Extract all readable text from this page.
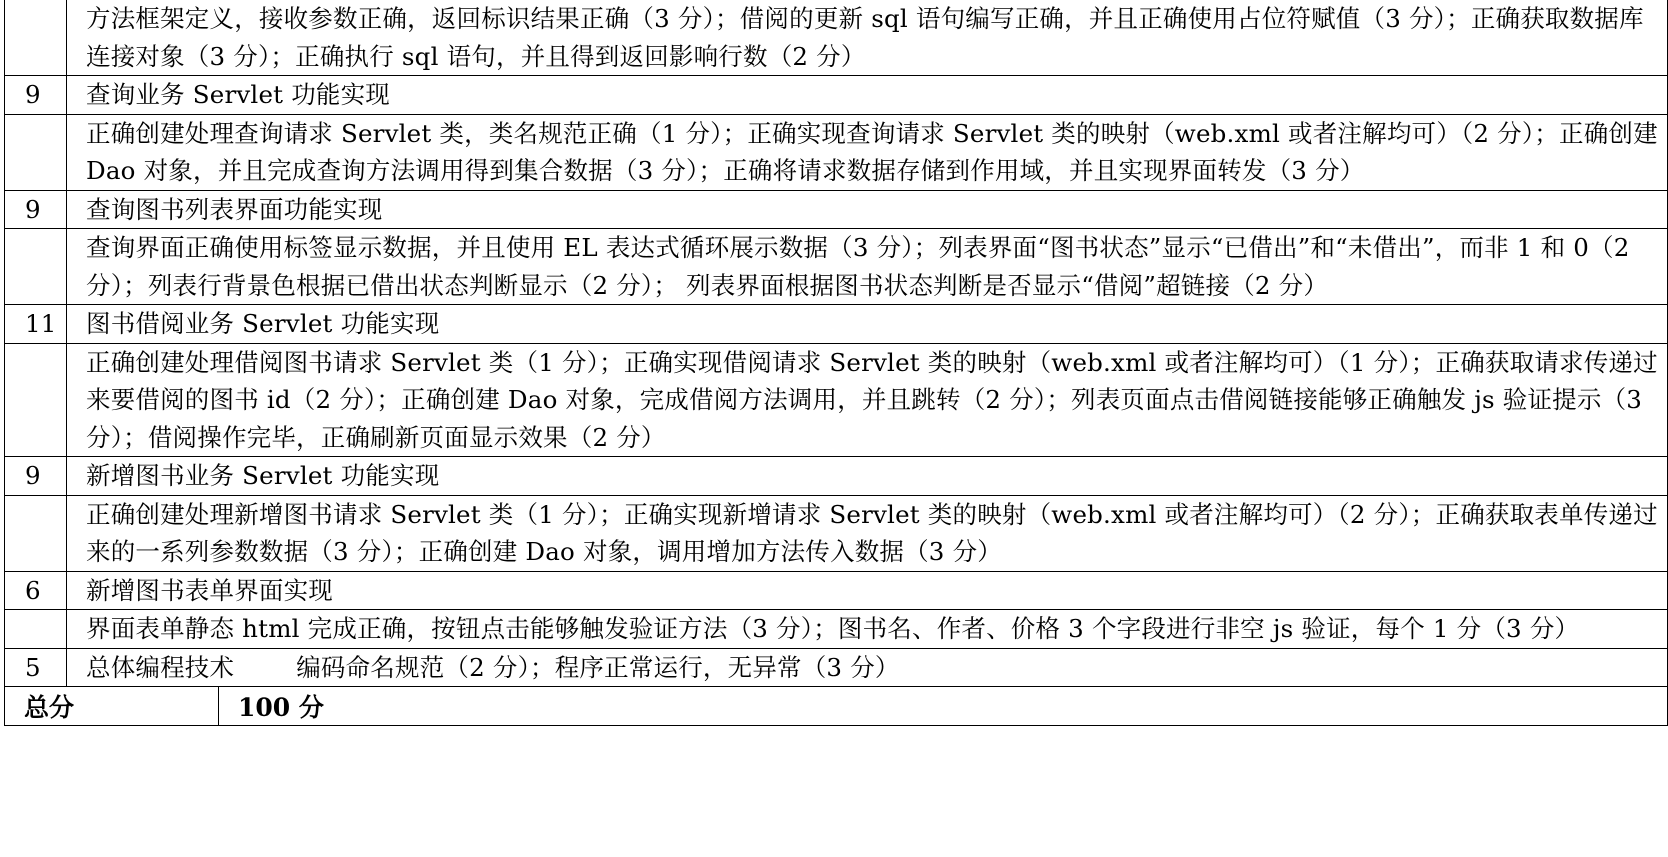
	方法框架定义，接收参数正确，返回标识结果正确（3 分）；借阅的更新 sql 语句编写正确，并且正确使用占位符赋值（3 分）；正确获取数据库连接对象（3 分）；正确执行 sql 语句，并且得到返回影响行数（2 分）
9	查询业务 Servlet 功能实现
	正确创建处理查询请求 Servlet 类，类名规范正确（1 分）；正确实现查询请求 Servlet 类的映射（web.xml 或者注解均可）（2 分）；正确创建 Dao 对象，并且完成查询方法调用得到集合数据（3 分）；正确将请求数据存储到作用域，并且实现界面转发（3 分）
9	查询图书列表界面功能实现
	查询界面正确使用标签显示数据，并且使用 EL 表达式循环展示数据（3 分）；列表界面“图书状态”显示“已借出”和“未借出”，而非 1 和 0（2 分）；列表行背景色根据已借出状态判断显示（2 分）； 列表界面根据图书状态判断是否显示“借阅”超链接（2 分）
11	图书借阅业务 Servlet 功能实现
	正确创建处理借阅图书请求 Servlet 类（1 分）；正确实现借阅请求 Servlet 类的映射（web.xml 或者注解均可）（1 分）；正确获取请求传递过来要借阅的图书 id（2 分）；正确创建 Dao 对象，完成借阅方法调用，并且跳转（2 分）；列表页面点击借阅链接能够正确触发 js 验证提示（3 分）；借阅操作完毕，正确刷新页面显示效果（2 分）
9	新增图书业务 Servlet 功能实现
	正确创建处理新增图书请求 Servlet 类（1 分）；正确实现新增请求 Servlet 类的映射（web.xml 或者注解均可）（2 分）；正确获取表单传递过来的一系列参数数据（3 分）；正确创建 Dao 对象，调用增加方法传入数据（3 分）
6	新增图书表单界面实现
	界面表单静态 html 完成正确，按钮点击能够触发验证方法（3 分）；图书名、作者、价格 3 个字段进行非空 js 验证，每个 1 分（3 分）
5	总体编程技术 编码命名规范（2 分）；程序正常运行，无异常（3 分）
总分	100 分
